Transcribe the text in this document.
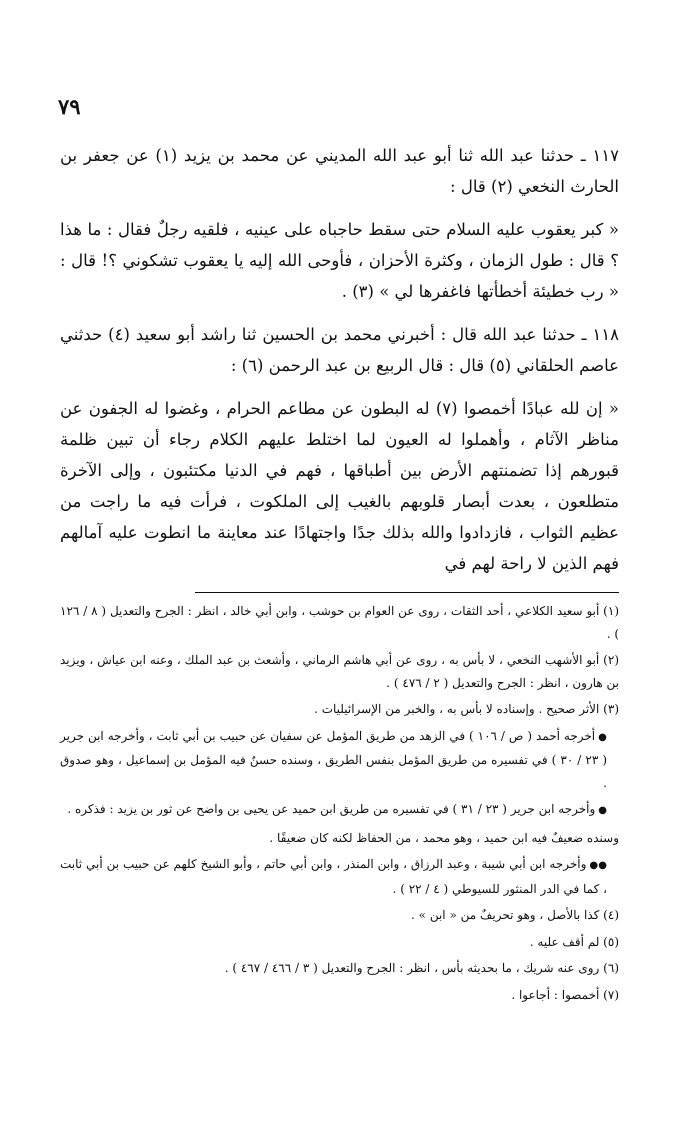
٧٩

١١٧ ـ حدثنا عبد الله ثنا أبو عبد الله المديني عن محمد بن يزيد (١) عن جعفر بن الحارث النخعي (٢) قال :

« كبر يعقوب عليه السلام حتى سقط حاجباه على عينيه ، فلقيه رجلٌ فقال : ما هذا ؟ قال : طول الزمان ، وكثرة الأحزان ، فأوحى الله إليه يا يعقوب تشكوني ؟! قال : « رب خطيئة أخطأتها فاغفرها لي » (٣) .

١١٨ ـ حدثنا عبد الله قال : أخبرني محمد بن الحسين ثنا راشد أبو سعيد (٤) حدثني عاصم الحلقاني (٥) قال : قال الربيع بن عبد الرحمن (٦) :

« إن لله عبادًا أخمصوا (٧) له البطون عن مطاعم الحرام ، وغضوا له الجفون عن مناظر الآثام ، وأهملوا له العيون لما اختلط عليهم الكلام رجاء أن تبين ظلمة قبورهم إذا تضمنتهم الأرض بين أطباقها ، فهم في الدنيا مكتئبون ، وإلى الآخرة متطلعون ، بعدت أبصار قلوبهم بالغيب إلى الملكوت ، فرأت فيه ما راجت من عظيم الثواب ، فازدادوا والله بذلك جدًا واجتهادًا عند معاينة ما انطوت عليه آمالهم فهم الذين لا راحة لهم في

(١) أبو سعيد الكلاعي ، أحد الثقات ، روى عن العوام بن حوشب ، وابن أبي خالد ، انظر : الجرح والتعديل ( ٨ / ١٢٦ ) .

(٢) أبو الأشهب النخعي ، لا بأس به ، روى عن أبي هاشم الرماني ، وأشعث بن عبد الملك ، وعنه ابن عياش ، ويزيد بن هارون ، انظر : الجرح والتعديل ( ٢ / ٤٧٦ ) .

(٣) الأثر صحيح . وإسناده لا بأس به ، والخبر من الإسرائيليات .

●أخرجه أحمد ( ص / ١٠٦ ) في الزهد من طريق المؤمل عن سفيان عن حبيب بن أبي ثابت ، وأخرجه ابن جرير ( ٢٣ / ٣٠ ) في تفسيره من طريق المؤمل بنفس الطريق ، وسنده حسنٌ فيه المؤمل بن إسماعيل ، وهو صدوق .

●وأخرجه ابن جرير ( ٢٣ / ٣١ ) في تفسيره من طريق ابن حميد عن يحيى بن واضح عن ثور بن يزيد : فذكره .

وسنده ضعيفٌ فيه ابن حميد ، وهو محمد ، من الحفاظ لكنه كان ضعيفًا .

●●وأخرجه ابن أبي شيبة ، وعبد الرزاق ، وابن المنذر ، وابن أبي حاتم ، وأبو الشيخ كلهم عن حبيب بن أبي ثابت ، كما في الدر المنثور للسيوطي ( ٤ / ٢٢ ) .

(٤) كذا بالأصل ، وهو تحريفٌ من « ابن » .

(٥) لم أقف عليه .

(٦) روى عنه شريك ، ما بحديثه بأس ، انظر : الجرح والتعديل ( ٣ / ٤٦٦ / ٤٦٧ ) .

(٧) أخمصوا : أجاعوا .
